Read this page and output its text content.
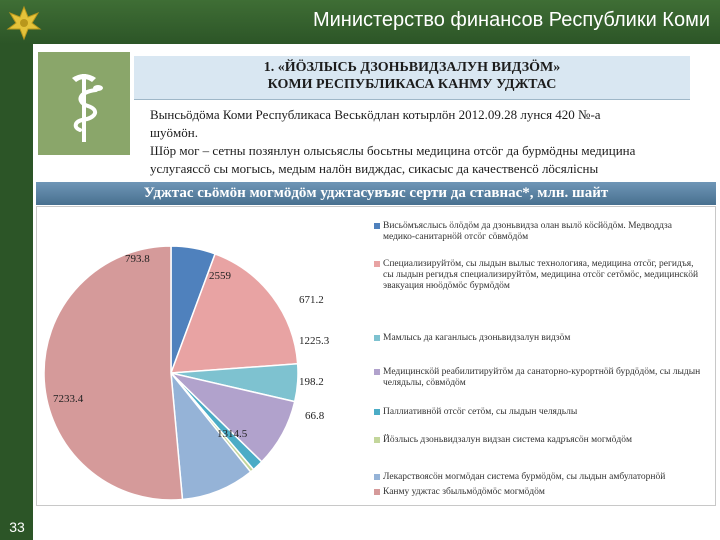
Министерство финансов Республики Коми
1. «ЙӦЗЛЫСЬ ДЗОНЬВИДЗАЛУН ВИДЗӦМ»
КОМИ РЕСПУБЛИКАСА КАНМУ УДЖТАС
Вынсьӧдӧма Коми Республикаса Веськӧдлан котырлӧн 2012.09.28 лунся 420 №-а
шуӧмӧн.
Шӧр мог – сетны позянлун олысьяслы босьтны медицина отсӧг да бурмӧдны медицина
услугаяссӧ сы могысь, медым налӧн видждас, сикасыс да качественсӧ лӧсялісны
Уджтас сьӧмӧн могмӧдӧм уджтасувъяс серти да ставнас*, млн. шайт
793.8
2559
671.2
1225.3
198.2
66.8
1314.5
7233.4
Висьӧмъяслысь ӧлӧдӧм да дзоньвидза олан вылӧ кӧсйӧдӧм. Медводдза медико-санитарнӧй отсӧг сӧвмӧдӧм
Специализируйтӧм, сы лыдын вылыс технологияа, медицина отсӧг, регидъя, сы лыдын регидъя специализируйтӧм, медицина отсӧг сетӧмӧс, медицинскӧй эвакуация нюӧдӧмӧс бурмӧдӧм
Мамлысь да каганлысь дзоньвидзалун видзӧм
Медицинскӧй реабилитируйтӧм да санаторно-курортнӧй бурдӧдӧм, сы лыдын челядьлы, сӧвмӧдӧм
Паллиативнӧй отсӧг сетӧм, сы лыдын челядьлы
Йӧзлысь дзоньвидзалун видзан система кадръясӧн могмӧдӧм
Лекарствоясӧн могмӧдан система бурмӧдӧм, сы лыдын амбулаторнӧй
Канму уджтас збыльмӧдӧмӧс могмӧдӧм
33
